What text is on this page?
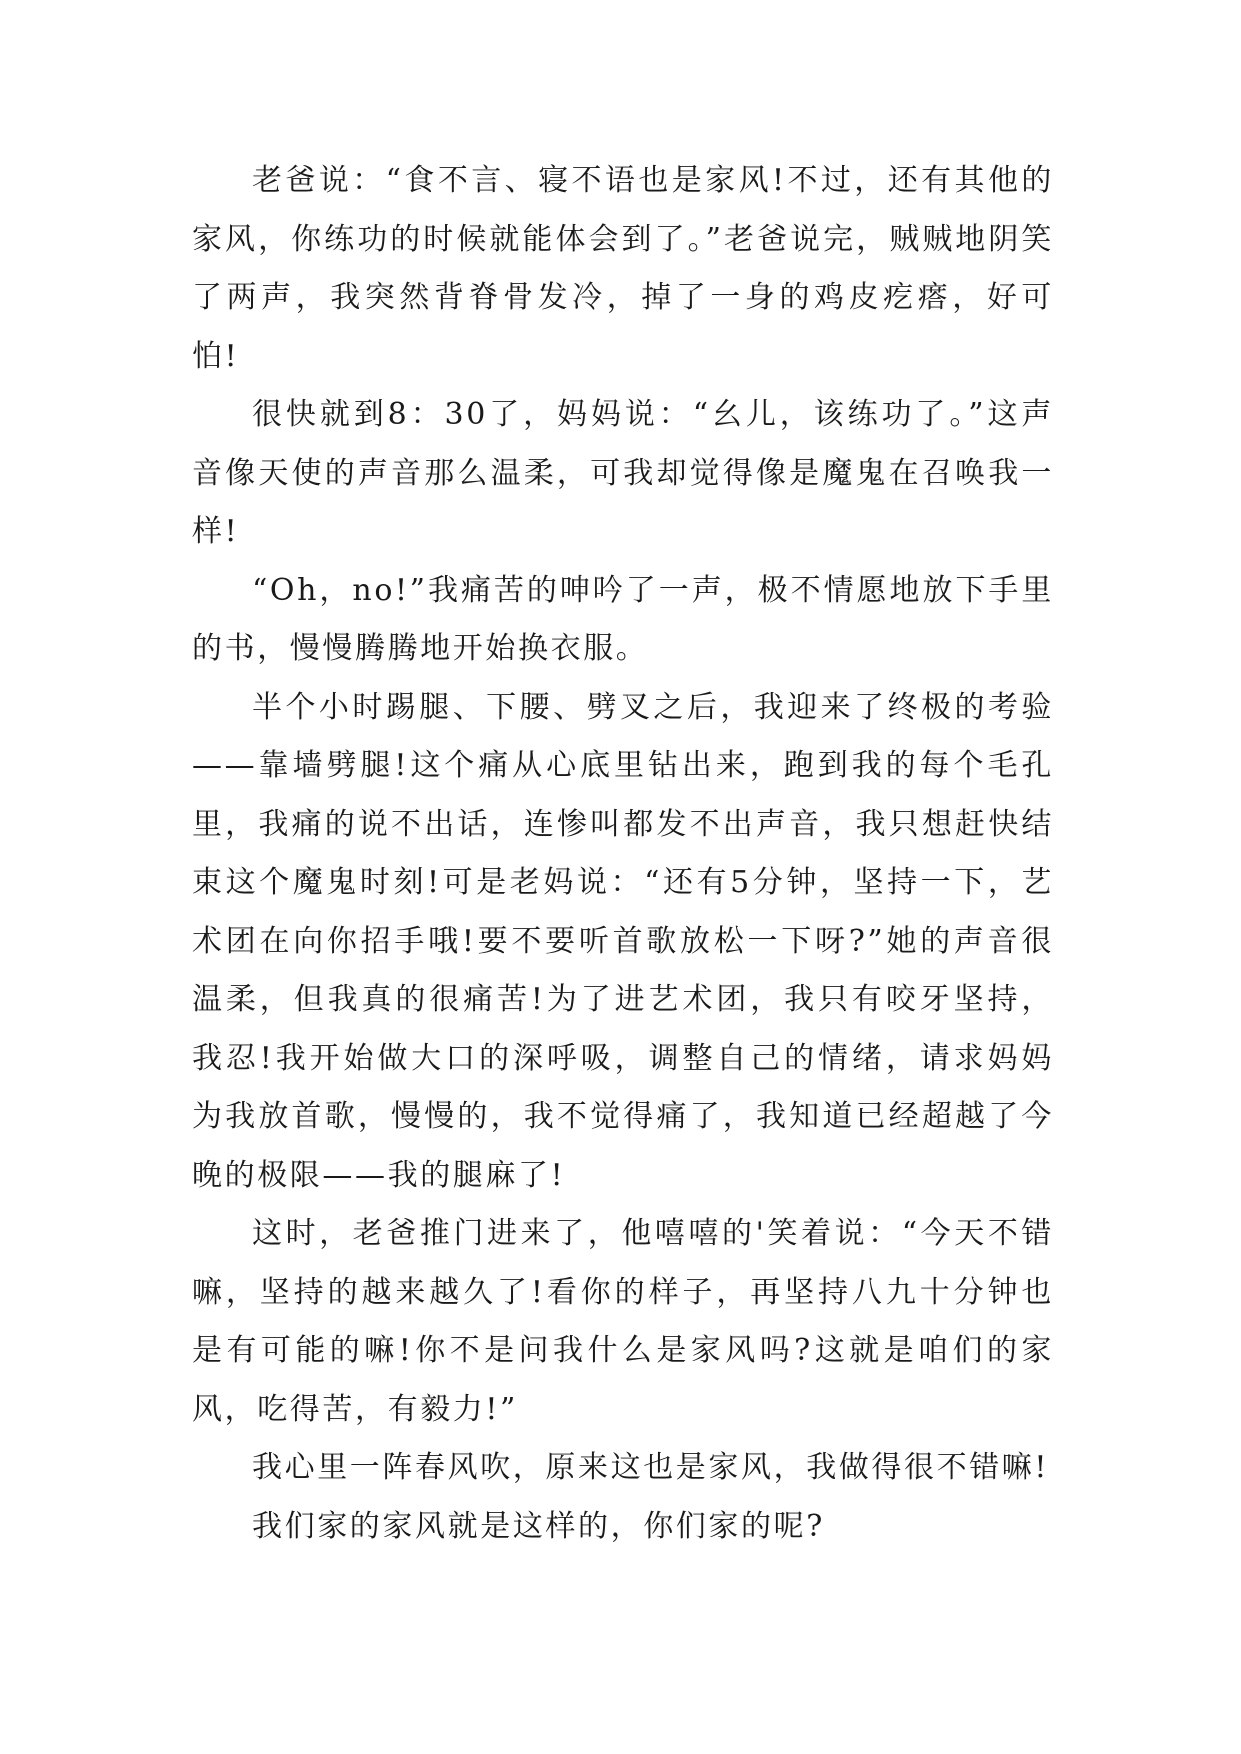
老爸说：“食不言、寝不语也是家风!不过，还有其他的家风，你练功的时候就能体会到了。”老爸说完，贼贼地阴笑了两声，我突然背脊骨发冷，掉了一身的鸡皮疙瘩，好可怕!

很快就到8：30了，妈妈说：“幺儿，该练功了。”这声音像天使的声音那么温柔，可我却觉得像是魔鬼在召唤我一样!

“Oh，no!”我痛苦的呻吟了一声，极不情愿地放下手里的书，慢慢腾腾地开始换衣服。

半个小时踢腿、下腰、劈叉之后，我迎来了终极的考验——靠墙劈腿!这个痛从心底里钻出来，跑到我的每个毛孔里，我痛的说不出话，连惨叫都发不出声音，我只想赶快结束这个魔鬼时刻!可是老妈说：“还有5分钟，坚持一下，艺术团在向你招手哦!要不要听首歌放松一下呀?”她的声音很温柔，但我真的很痛苦!为了进艺术团，我只有咬牙坚持，我忍!我开始做大口的深呼吸，调整自己的情绪，请求妈妈为我放首歌，慢慢的，我不觉得痛了，我知道已经超越了今晚的极限——我的腿麻了!

这时，老爸推门进来了，他嘻嘻的'笑着说：“今天不错嘛，坚持的越来越久了!看你的样子，再坚持八九十分钟也是有可能的嘛!你不是问我什么是家风吗?这就是咱们的家风，吃得苦，有毅力!”

我心里一阵春风吹，原来这也是家风，我做得很不错嘛!

我们家的家风就是这样的，你们家的呢?
